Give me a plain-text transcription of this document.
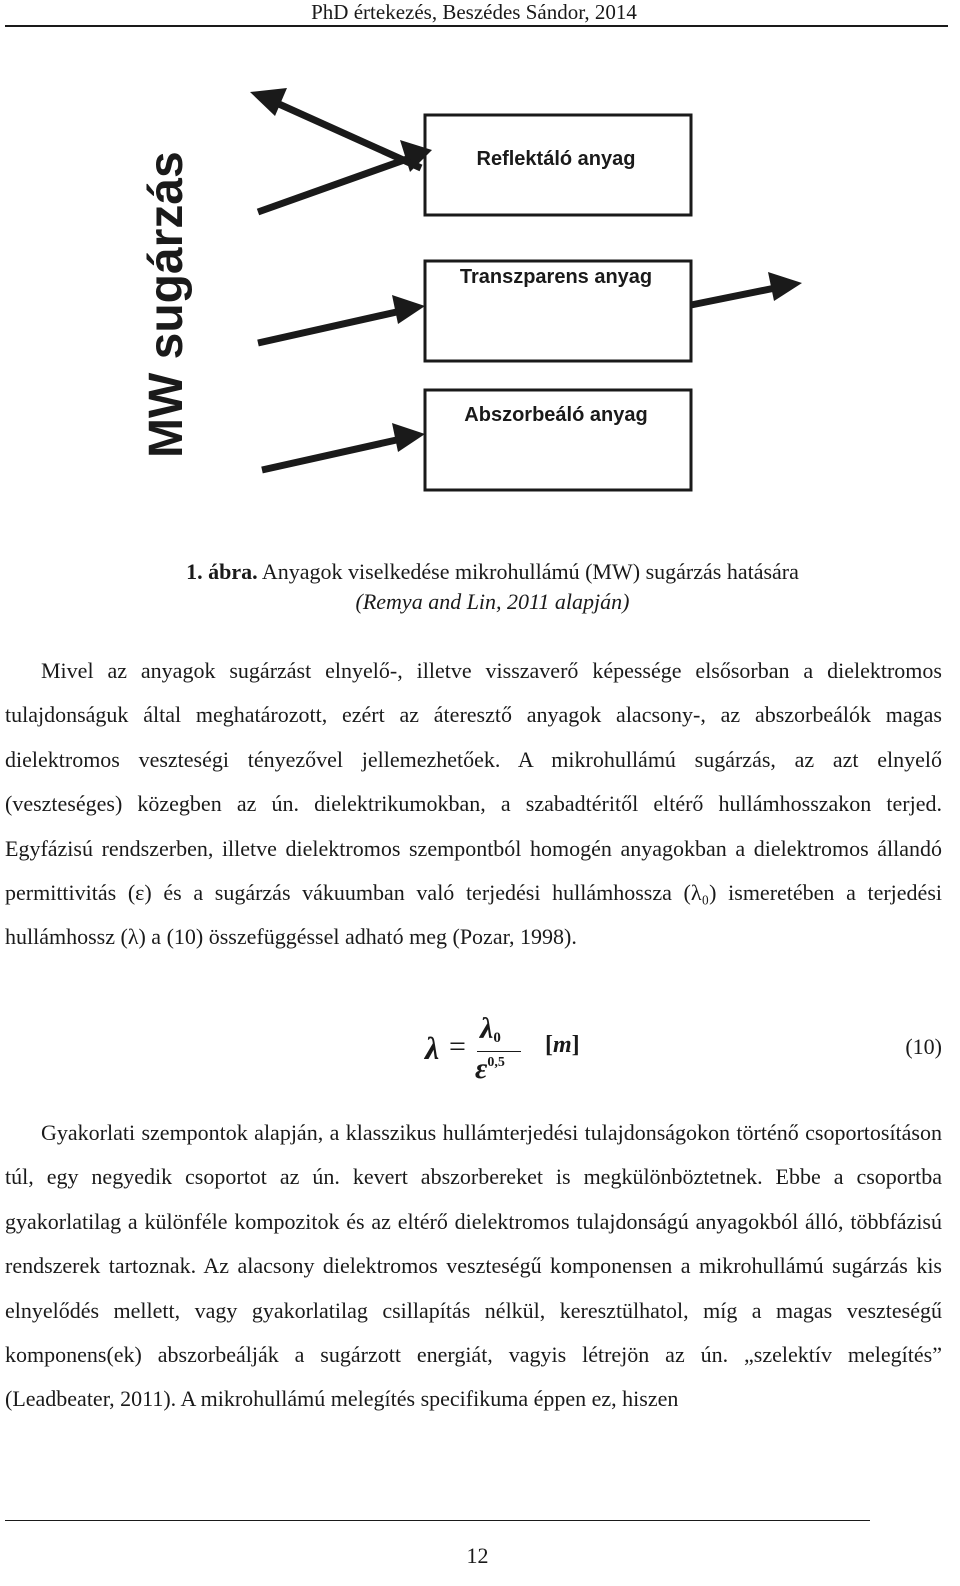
PhD értekezés, Beszédes Sándor, 2014
MW sugárzás	Reflektáló anyag
Transzparens anyag
Abszorbeáló anyag
1. ábra. Anyagok viselkedése mikrohullámú (MW) sugárzás hatására
(Remya and Lin, 2011 alapján)

Mivel az anyagok sugárzást elnyelő-, illetve visszaverő képessége elsősorban a dielektromos tulajdonságuk által meghatározott, ezért az áteresztő anyagok alacsony-, az abszorbeálók magas dielektromos veszteségi tényezővel jellemezhetőek. A mikrohullámú sugárzás, az azt elnyelő (veszteséges) közegben az ún. dielektrikumokban, a szabadtéritől eltérő hullámhosszakon terjed. Egyfázisú rendszerben, illetve dielektromos szempontból homogén anyagokban a dielektromos állandó permittivitás (ε) és a sugárzás vákuumban való terjedési hullámhossza (λ₀) ismeretében a terjedési hullámhossz (λ) a (10) összefüggéssel adható meg (Pozar, 1998).

λ =
$\lambda_0$
$\varepsilon^{0,5}$
[m]	(10)

Gyakorlati szempontok alapján, a klasszikus hullámterjedési tulajdonságokon történő csoportosításon túl, egy negyedik csoportot az ún. kevert abszorbereket is megkülönböztetnek. Ebbe a csoportba gyakorlatilag a különféle kompozitok és az eltérő dielektromos tulajdonságú anyagokból álló, többfázisú rendszerek tartoznak. Az alacsony dielektromos veszteségű komponensen a mikrohullámú sugárzás kis elnyelődés mellett, vagy gyakorlatilag csillapítás nélkül, keresztülhatol, míg a magas veszteségű komponens(ek) abszorbeálják a sugárzott energiát, vagyis létrejön az ún. „szelektív melegítés” (Leadbeater, 2011). A mikrohullámú melegítés specifikuma éppen ez, hiszen

12
